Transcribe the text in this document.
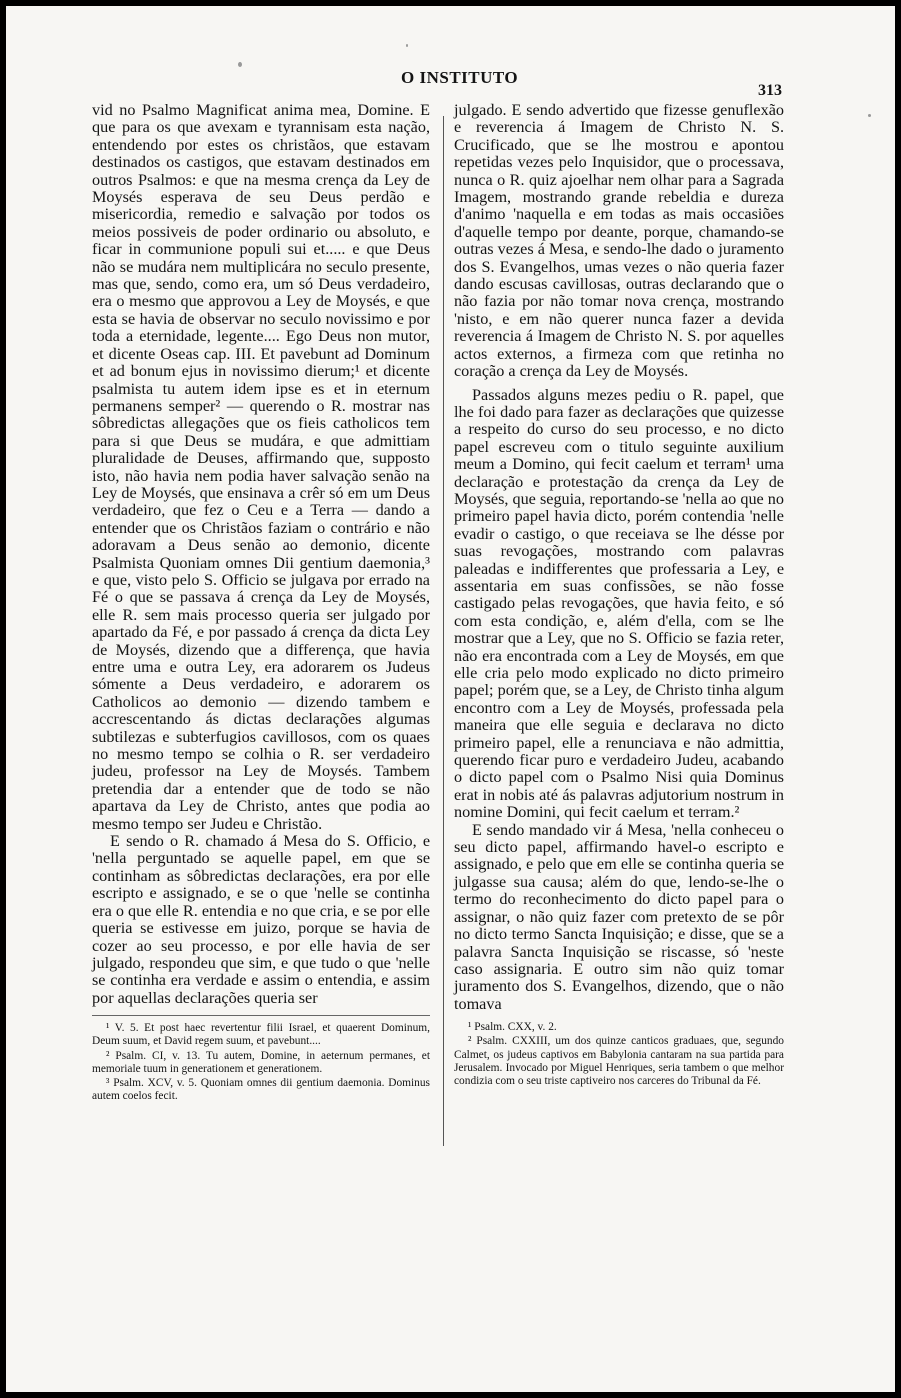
O INSTITUTO
313

vid no Psalmo Magnificat anima mea, Domine. E que para os que avexam e tyrannisam esta nação, entendendo por estes os christãos, que estavam destinados os castigos, que estavam destinados em outros Psalmos: e que na mesma crença da Ley de Moysés esperava de seu Deus perdão e misericordia, remedio e salvação por todos os meios possiveis de poder ordinario ou absoluto, e ficar in communione populi sui et..... e que Deus não se mudára nem multiplicára no seculo presente, mas que, sendo, como era, um só Deus verdadeiro, era o mesmo que approvou a Ley de Moysés, e que esta se havia de observar no seculo novissimo e por toda a eternidade, legente.... Ego Deus non mutor, et dicente Oseas cap. III. Et pavebunt ad Dominum et ad bonum ejus in novissimo dierum;¹ et dicente psalmista tu autem idem ipse es et in eternum permanens semper² — querendo o R. mostrar nas sôbredictas allegações que os fieis catholicos tem para si que Deus se mudára, e que admittiam pluralidade de Deuses, affirmando que, supposto isto, não havia nem podia haver salvação senão na Ley de Moysés, que ensinava a crêr só em um Deus verdadeiro, que fez o Ceu e a Terra — dando a entender que os Christãos faziam o contrário e não adoravam a Deus senão ao demonio, dicente Psalmista Quoniam omnes Dii gentium daemonia,³ e que, visto pelo S. Officio se julgava por errado na Fé o que se passava á crença da Ley de Moysés, elle R. sem mais processo queria ser julgado por apartado da Fé, e por passado á crença da dicta Ley de Moysés, dizendo que a differença, que havia entre uma e outra Ley, era adorarem os Judeus sómente a Deus verdadeiro, e adorarem os Catholicos ao demonio — dizendo tambem e accrescentando ás dictas declarações algumas subtilezas e subterfugios cavillosos, com os quaes no mesmo tempo se colhia o R. ser verdadeiro judeu, professor na Ley de Moysés. Tambem pretendia dar a entender que de todo se não apartava da Ley de Christo, antes que podia ao mesmo tempo ser Judeu e Christão.

E sendo o R. chamado á Mesa do S. Officio, e 'nella perguntado se aquelle papel, em que se continham as sôbredictas declarações, era por elle escripto e assignado, e se o que 'nelle se continha era o que elle R. entendia e no que cria, e se por elle queria se estivesse em juizo, porque se havia de cozer ao seu processo, e por elle havia de ser julgado, respondeu que sim, e que tudo o que 'nelle se continha era verdade e assim o entendia, e assim por aquellas declarações queria ser

¹ V. 5. Et post haec revertentur filii Israel, et quaerent Dominum, Deum suum, et David regem suum, et pavebunt....

² Psalm. CI, v. 13. Tu autem, Domine, in aeternum permanes, et memoriale tuum in generationem et generationem.

³ Psalm. XCV, v. 5. Quoniam omnes dii gentium daemonia. Dominus autem coelos fecit.

julgado. E sendo advertido que fizesse genuflexão e reverencia á Imagem de Christo N. S. Crucificado, que se lhe mostrou e apontou repetidas vezes pelo Inquisidor, que o processava, nunca o R. quiz ajoelhar nem olhar para a Sagrada Imagem, mostrando grande rebeldia e dureza d'animo 'naquella e em todas as mais occasiões d'aquelle tempo por deante, porque, chamando-se outras vezes á Mesa, e sendo-lhe dado o juramento dos S. Evangelhos, umas vezes o não queria fazer dando escusas cavillosas, outras declarando que o não fazia por não tomar nova crença, mostrando 'nisto, e em não querer nunca fazer a devida reverencia á Imagem de Christo N. S. por aquelles actos externos, a firmeza com que retinha no coração a crença da Ley de Moysés.

Passados alguns mezes pediu o R. papel, que lhe foi dado para fazer as declarações que quizesse a respeito do curso do seu processo, e no dicto papel escreveu com o titulo seguinte auxilium meum a Domino, qui fecit caelum et terram¹ uma declaração e protestação da crença da Ley de Moysés, que seguia, reportando-se 'nella ao que no primeiro papel havia dicto, porém contendia 'nelle evadir o castigo, o que receiava se lhe désse por suas revogações, mostrando com palavras paleadas e indifferentes que professaria a Ley, e assentaria em suas confissões, se não fosse castigado pelas revogações, que havia feito, e só com esta condição, e, além d'ella, com se lhe mostrar que a Ley, que no S. Officio se fazia reter, não era encontrada com a Ley de Moysés, em que elle cria pelo modo explicado no dicto primeiro papel; porém que, se a Ley, de Christo tinha algum encontro com a Ley de Moysés, professada pela maneira que elle seguia e declarava no dicto primeiro papel, elle a renunciava e não admittia, querendo ficar puro e verdadeiro Judeu, acabando o dicto papel com o Psalmo Nisi quia Dominus erat in nobis até ás palavras adjutorium nostrum in nomine Domini, qui fecit caelum et terram.²

E sendo mandado vir á Mesa, 'nella conheceu o seu dicto papel, affirmando havel-o escripto e assignado, e pelo que em elle se continha queria se julgasse sua causa; além do que, lendo-se-lhe o termo do reconhecimento do dicto papel para o assignar, o não quiz fazer com pretexto de se pôr no dicto termo Sancta Inquisição; e disse, que se a palavra Sancta Inquisição se riscasse, só 'neste caso assignaria. E outro sim não quiz tomar juramento dos S. Evangelhos, dizendo, que o não tomava

¹ Psalm. CXX, v. 2.

² Psalm. CXXIII, um dos quinze canticos graduaes, que, segundo Calmet, os judeus captivos em Babylonia cantaram na sua partida para Jerusalem. Invocado por Miguel Henriques, seria tambem o que melhor condizia com o seu triste captiveiro nos carceres do Tribunal da Fé.
